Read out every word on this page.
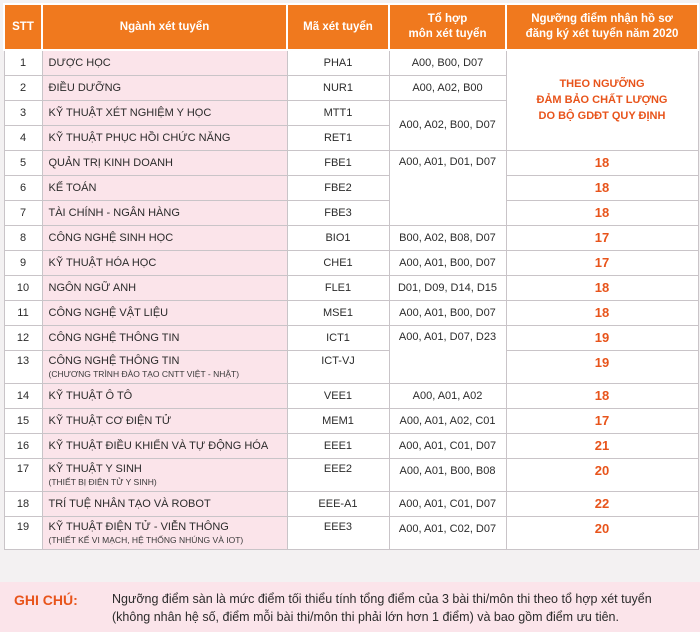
STT	Ngành xét tuyển	Mã xét tuyển	Tổ hợp
môn xét tuyển	Ngưỡng điểm nhận hồ sơ
đăng ký xét tuyển năm 2020
1	DƯỢC HỌC	PHA1	A00, B00, D07	THEO NGƯỠNG
ĐẢM BẢO CHẤT LƯỢNG
DO BỘ GDĐT QUY ĐỊNH
2	ĐIỀU DƯỠNG	NUR1	A00, A02, B00	
3	KỸ THUẬT XÉT NGHIỆM Y HỌC	MTT1	A00, A02, B00, D07	
4	KỸ THUẬT PHỤC HỒI CHỨC NĂNG	RET1		
5	QUẢN TRỊ KINH DOANH	FBE1	A00, A01, D01, D07	18
6	KẾ TOÁN	FBE2		18
7	TÀI CHÍNH - NGÂN HÀNG	FBE3		18
8	CÔNG NGHỆ SINH HỌC	BIO1	B00, A02, B08, D07	17
9	KỸ THUẬT HÓA HỌC	CHE1	A00, A01, B00, D07	17
10	NGÔN NGỮ ANH	FLE1	D01, D09, D14, D15	18
11	CÔNG NGHỆ VẬT LIỆU	MSE1	A00, A01, B00, D07	18
12	CÔNG NGHỆ THÔNG TIN	ICT1	A00, A01, D07, D23	19
13	CÔNG NGHỆ THÔNG TIN
(CHƯƠNG TRÌNH ĐÀO TẠO CNTT VIỆT - NHẬT)	ICT-VJ		19
14	KỸ THUẬT Ô TÔ	VEE1	A00, A01, A02	18
15	KỸ THUẬT CƠ ĐIỆN TỬ	MEM1	A00, A01, A02, C01	17
16	KỸ THUẬT ĐIỀU KHIỂN VÀ TỰ ĐỘNG HÓA	EEE1	A00, A01, C01, D07	21
17	KỸ THUẬT Y SINH
(THIẾT BỊ ĐIỆN TỬ Y SINH)	EEE2	A00, A01, B00, B08	20
18	TRÍ TUỆ NHÂN TẠO VÀ ROBOT	EEE-A1	A00, A01, C01, D07	22
19	KỸ THUẬT ĐIỆN TỬ - VIỄN THÔNG
(THIẾT KẾ VI MẠCH, HỆ THỐNG NHÚNG VÀ IOT)	EEE3	A00, A01, C02, D07	20
GHI CHÚ:	Ngưỡng điểm sàn là mức điểm tối thiểu tính tổng điểm của 3 bài thi/môn thi theo tổ hợp xét tuyển
(không nhân hệ số, điểm mỗi bài thi/môn thi phải lớn hơn 1 điểm) và bao gồm điểm ưu tiên.
